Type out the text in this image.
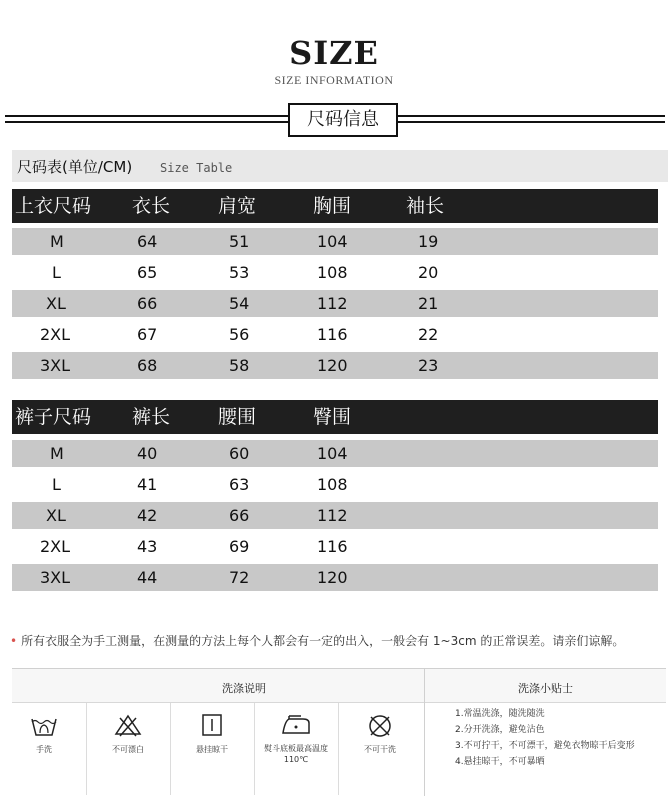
SIZE
SIZE INFORMATION
尺码信息
尺码表(单位/CM) Size Table
上衣尺码 衣长	肩宽	胸围	袖长
M	64	51	104	19
L	65	53	108	20
XL	66	54	112	21
2XL	67	56	116	22
3XL	68	58	120	23
裤子尺码 裤长	腰围	臀围
M	40	60	104
L	41	63	108
XL	42	66	112
2XL	43	69	116
3XL	44	72	120
• 所有衣服全为手工测量，在测量的方法上每个人都会有一定的出入，一般会有 1~3cm 的正常误差。请亲们谅解。
洗涤说明	洗涤小贴士
手洗	不可漂白	悬挂晾干	熨斗底板最高温度110℃
不可干洗
1.常温洗涤，随洗随洗
2.分开洗涤，避免沾色
3.不可拧干，不可漂干，避免衣物晾干后变形
4.悬挂晾干，不可暴晒
